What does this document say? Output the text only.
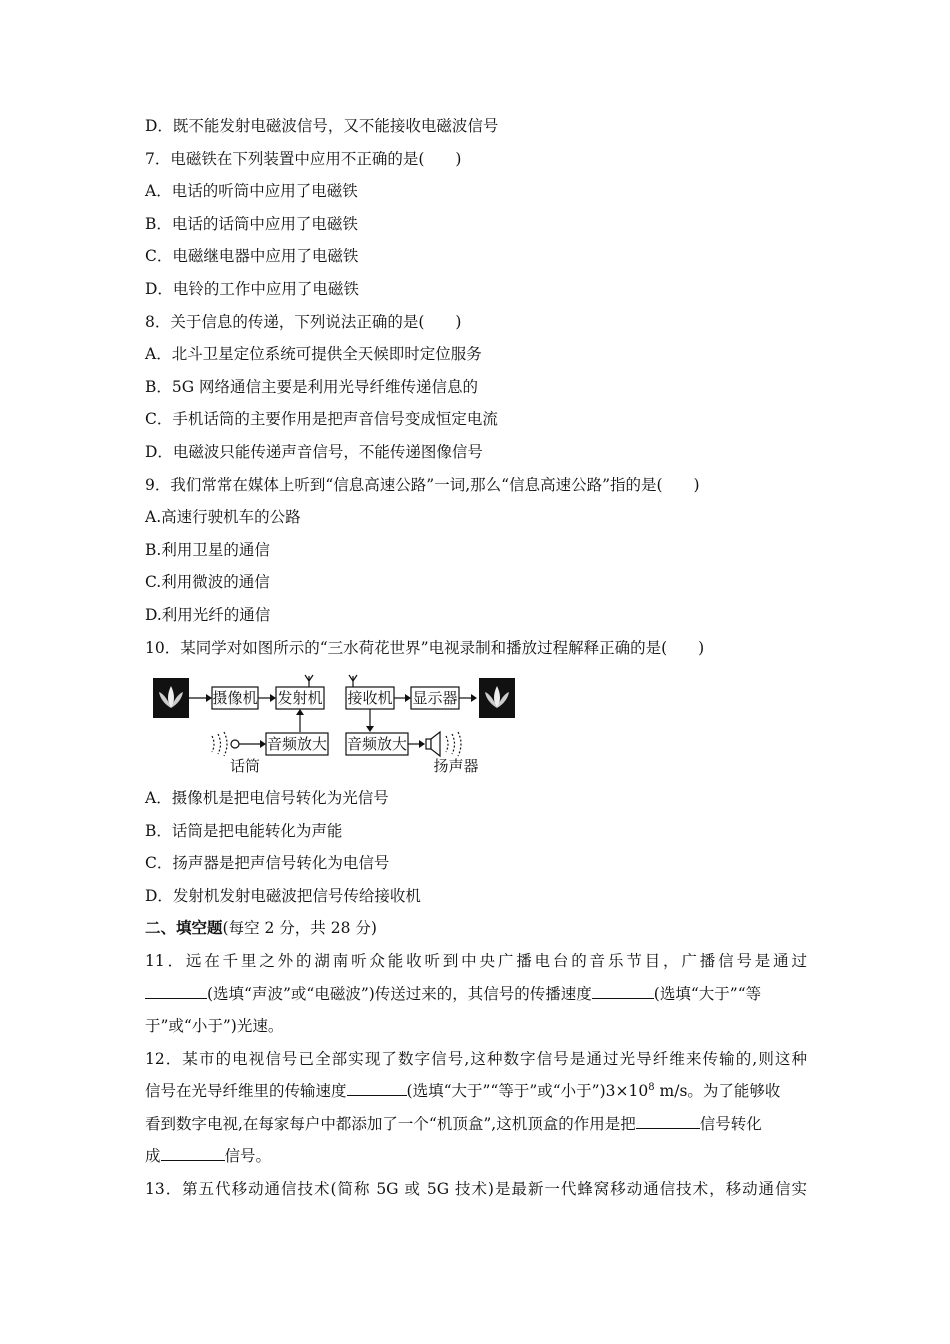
D．既不能发射电磁波信号，又不能接收电磁波信号
7．电磁铁在下列装置中应用不正确的是(　　)
A．电话的听筒中应用了电磁铁
B．电话的话筒中应用了电磁铁
C．电磁继电器中应用了电磁铁
D．电铃的工作中应用了电磁铁
8．关于信息的传递，下列说法正确的是(　　)
A．北斗卫星定位系统可提供全天候即时定位服务
B．5G 网络通信主要是利用光导纤维传递信息的
C．手机话筒的主要作用是把声音信号变成恒定电流
D．电磁波只能传递声音信号，不能传递图像信号
9．我们常常在媒体上听到“信息高速公路”一词,那么“信息高速公路”指的是(　　)
A.高速行驶机车的公路
B.利用卫星的通信
C.利用微波的通信
D.利用光纤的通信
10．某同学对如图所示的“三水荷花世界”电视录制和播放过程解释正确的是(　　)
摄像机 发射机
话筒
音频放大
接收机 显示器
音频放大
扬声器
A．摄像机是把电信号转化为光信号
B．话筒是把电能转化为声能
C．扬声器是把声信号转化为电信号
D．发射机发射电磁波把信号传给接收机
二、填空题(每空 2 分，共 28 分)
11．远在千里之外的湖南听众能收听到中央广播电台的音乐节目，广播信号是通过
(选填“声波”或“电磁波”)传送过来的，其信号的传播速度	(选填“大于”“等
于”或“小于”)光速。
12．某市的电视信号已全部实现了数字信号,这种数字信号是通过光导纤维来传输的,则这种
信号在光导纤维里的传输速度	(选填“大于”“等于”或“小于$”)3\times 10^8$ m/s。为了能够收
看到数字电视,在每家每户中都添加了一个“机顶盒”,这机顶盒的作用是把	信号转化
成	信号。
13．第五代移动通信技术(简称 5G 或 5G 技术)是最新一代蜂窝移动通信技术，移动通信实
